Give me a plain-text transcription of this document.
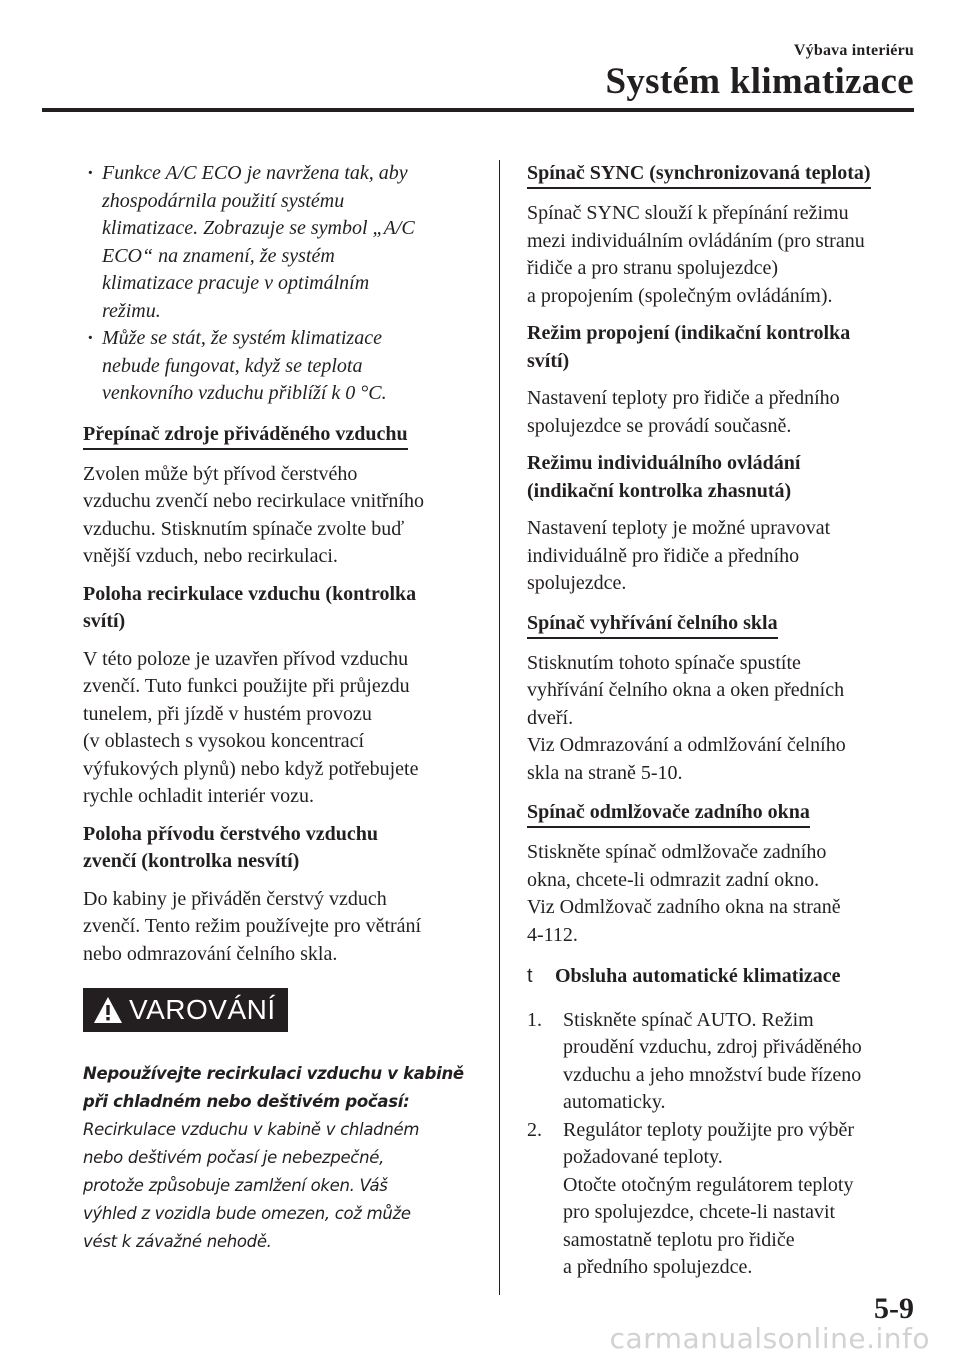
Výbava interiéru
Systém klimatizace
· Funkce A/C ECO je navržena tak, aby
zhospodárnila použití systému
klimatizace. Zobrazuje se symbol „A/C
ECO“ na znamení, že systém
klimatizace pracuje v optimálním
režimu.
· Může se stát, že systém klimatizace
nebude fungovat, když se teplota
venkovního vzduchu přiblíží k 0 °C.
Přepínač zdroje přiváděného vzduchu

Zvolen může být přívod čerstvého
vzduchu zvenčí nebo recirkulace vnitřního
vzduchu. Stisknutím spínače zvolte buď
vnější vzduch, nebo recirkulaci.

Poloha recirkulace vzduchu (kontrolka
svítí)

V této poloze je uzavřen přívod vzduchu
zvenčí. Tuto funkci použijte při průjezdu
tunelem, při jízdě v hustém provozu
(v oblastech s vysokou koncentrací
výfukových plynů) nebo když potřebujete
rychle ochladit interiér vozu.

Poloha přívodu čerstvého vzduchu
zvenčí (kontrolka nesvítí)

Do kabiny je přiváděn čerstvý vzduch
zvenčí. Tento režim používejte pro větrání
nebo odmrazování čelního skla.

VAROVÁNÍ

Nepoužívejte recirkulaci vzduchu v kabině
při chladném nebo deštivém počasí:

Recirkulace vzduchu v kabině v chladném
nebo deštivém počasí je nebezpečné,
protože způsobuje zamlžení oken. Váš
výhled z vozidla bude omezen, což může
vést k závažné nehodě.

Spínač SYNC (synchronizovaná teplota)

Spínač SYNC slouží k přepínání režimu
mezi individuálním ovládáním (pro stranu
řidiče a pro stranu spolujezdce)
a propojením (společným ovládáním).

Režim propojení (indikační kontrolka
svítí)

Nastavení teploty pro řidiče a předního
spolujezdce se provádí současně.

Režimu individuálního ovládání
(indikační kontrolka zhasnutá)

Nastavení teploty je možné upravovat
individuálně pro řidiče a předního
spolujezdce.

Spínač vyhřívání čelního skla

Stisknutím tohoto spínače spustíte
vyhřívání čelního okna a oken předních
dveří.
Viz Odmrazování a odmlžování čelního
skla na straně 5-10.

Spínač odmlžovače zadního okna

Stiskněte spínač odmlžovače zadního
okna, chcete-li odmrazit zadní okno.
Viz Odmlžovač zadního okna na straně
4-112.

t Obsluha automatické klimatizace

1. Stiskněte spínač AUTO. Režim
proudění vzduchu, zdroj přiváděného
vzduchu a jeho množství bude řízeno
automaticky.
2. Regulátor teploty použijte pro výběr
požadované teploty.
Otočte otočným regulátorem teploty
pro spolujezdce, chcete-li nastavit
samostatně teplotu pro řidiče
a předního spolujezdce.
5-9
carmanualsonline.info
